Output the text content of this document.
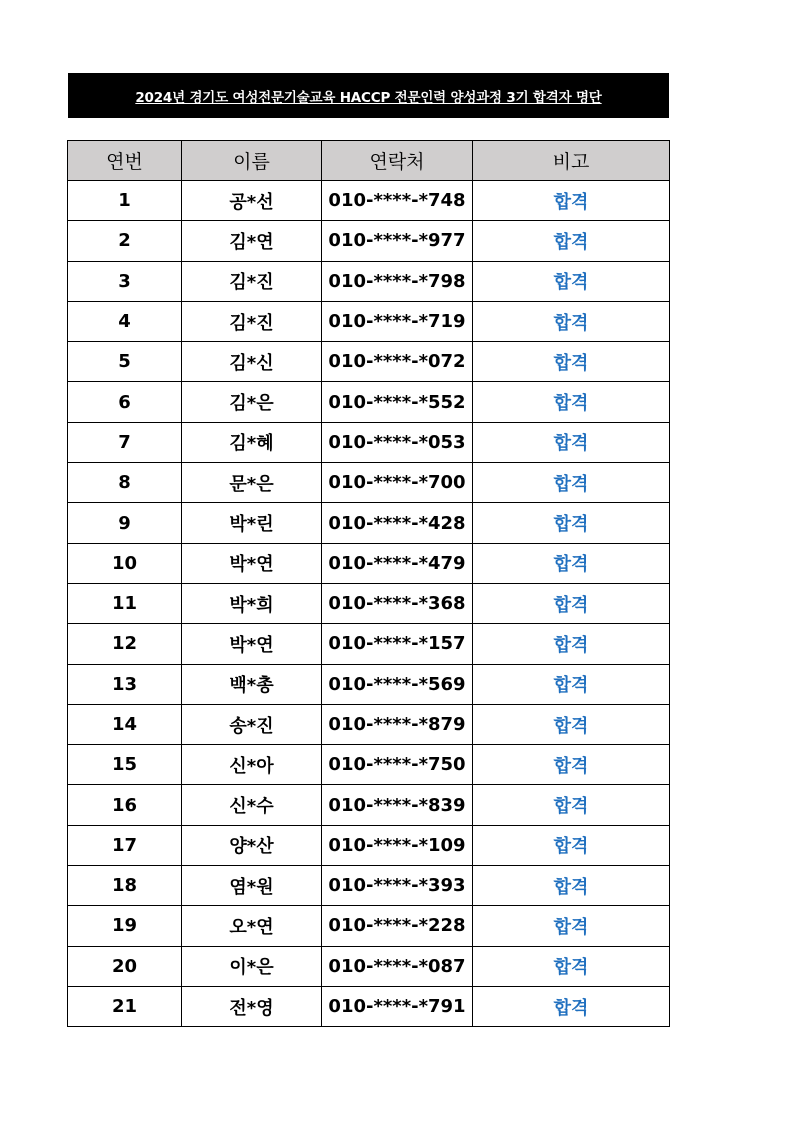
2024년 경기도 여성전문기술교육 HACCP 전문인력 양성과정 3기 합격자 명단
연번	이름	연락처	비고
1	공*선	010-****-*748	합격
2	김*연	010-****-*977	합격
3	김*진	010-****-*798	합격
4	김*진	010-****-*719	합격
5	김*신	010-****-*072	합격
6	김*은	010-****-*552	합격
7	김*혜	010-****-*053	합격
8	문*은	010-****-*700	합격
9	박*린	010-****-*428	합격
10	박*연	010-****-*479	합격
11	박*희	010-****-*368	합격
12	박*연	010-****-*157	합격
13	백*총	010-****-*569	합격
14	송*진	010-****-*879	합격
15	신*아	010-****-*750	합격
16	신*수	010-****-*839	합격
17	양*산	010-****-*109	합격
18	염*원	010-****-*393	합격
19	오*연	010-****-*228	합격
20	이*은	010-****-*087	합격
21	전*영	010-****-*791	합격
